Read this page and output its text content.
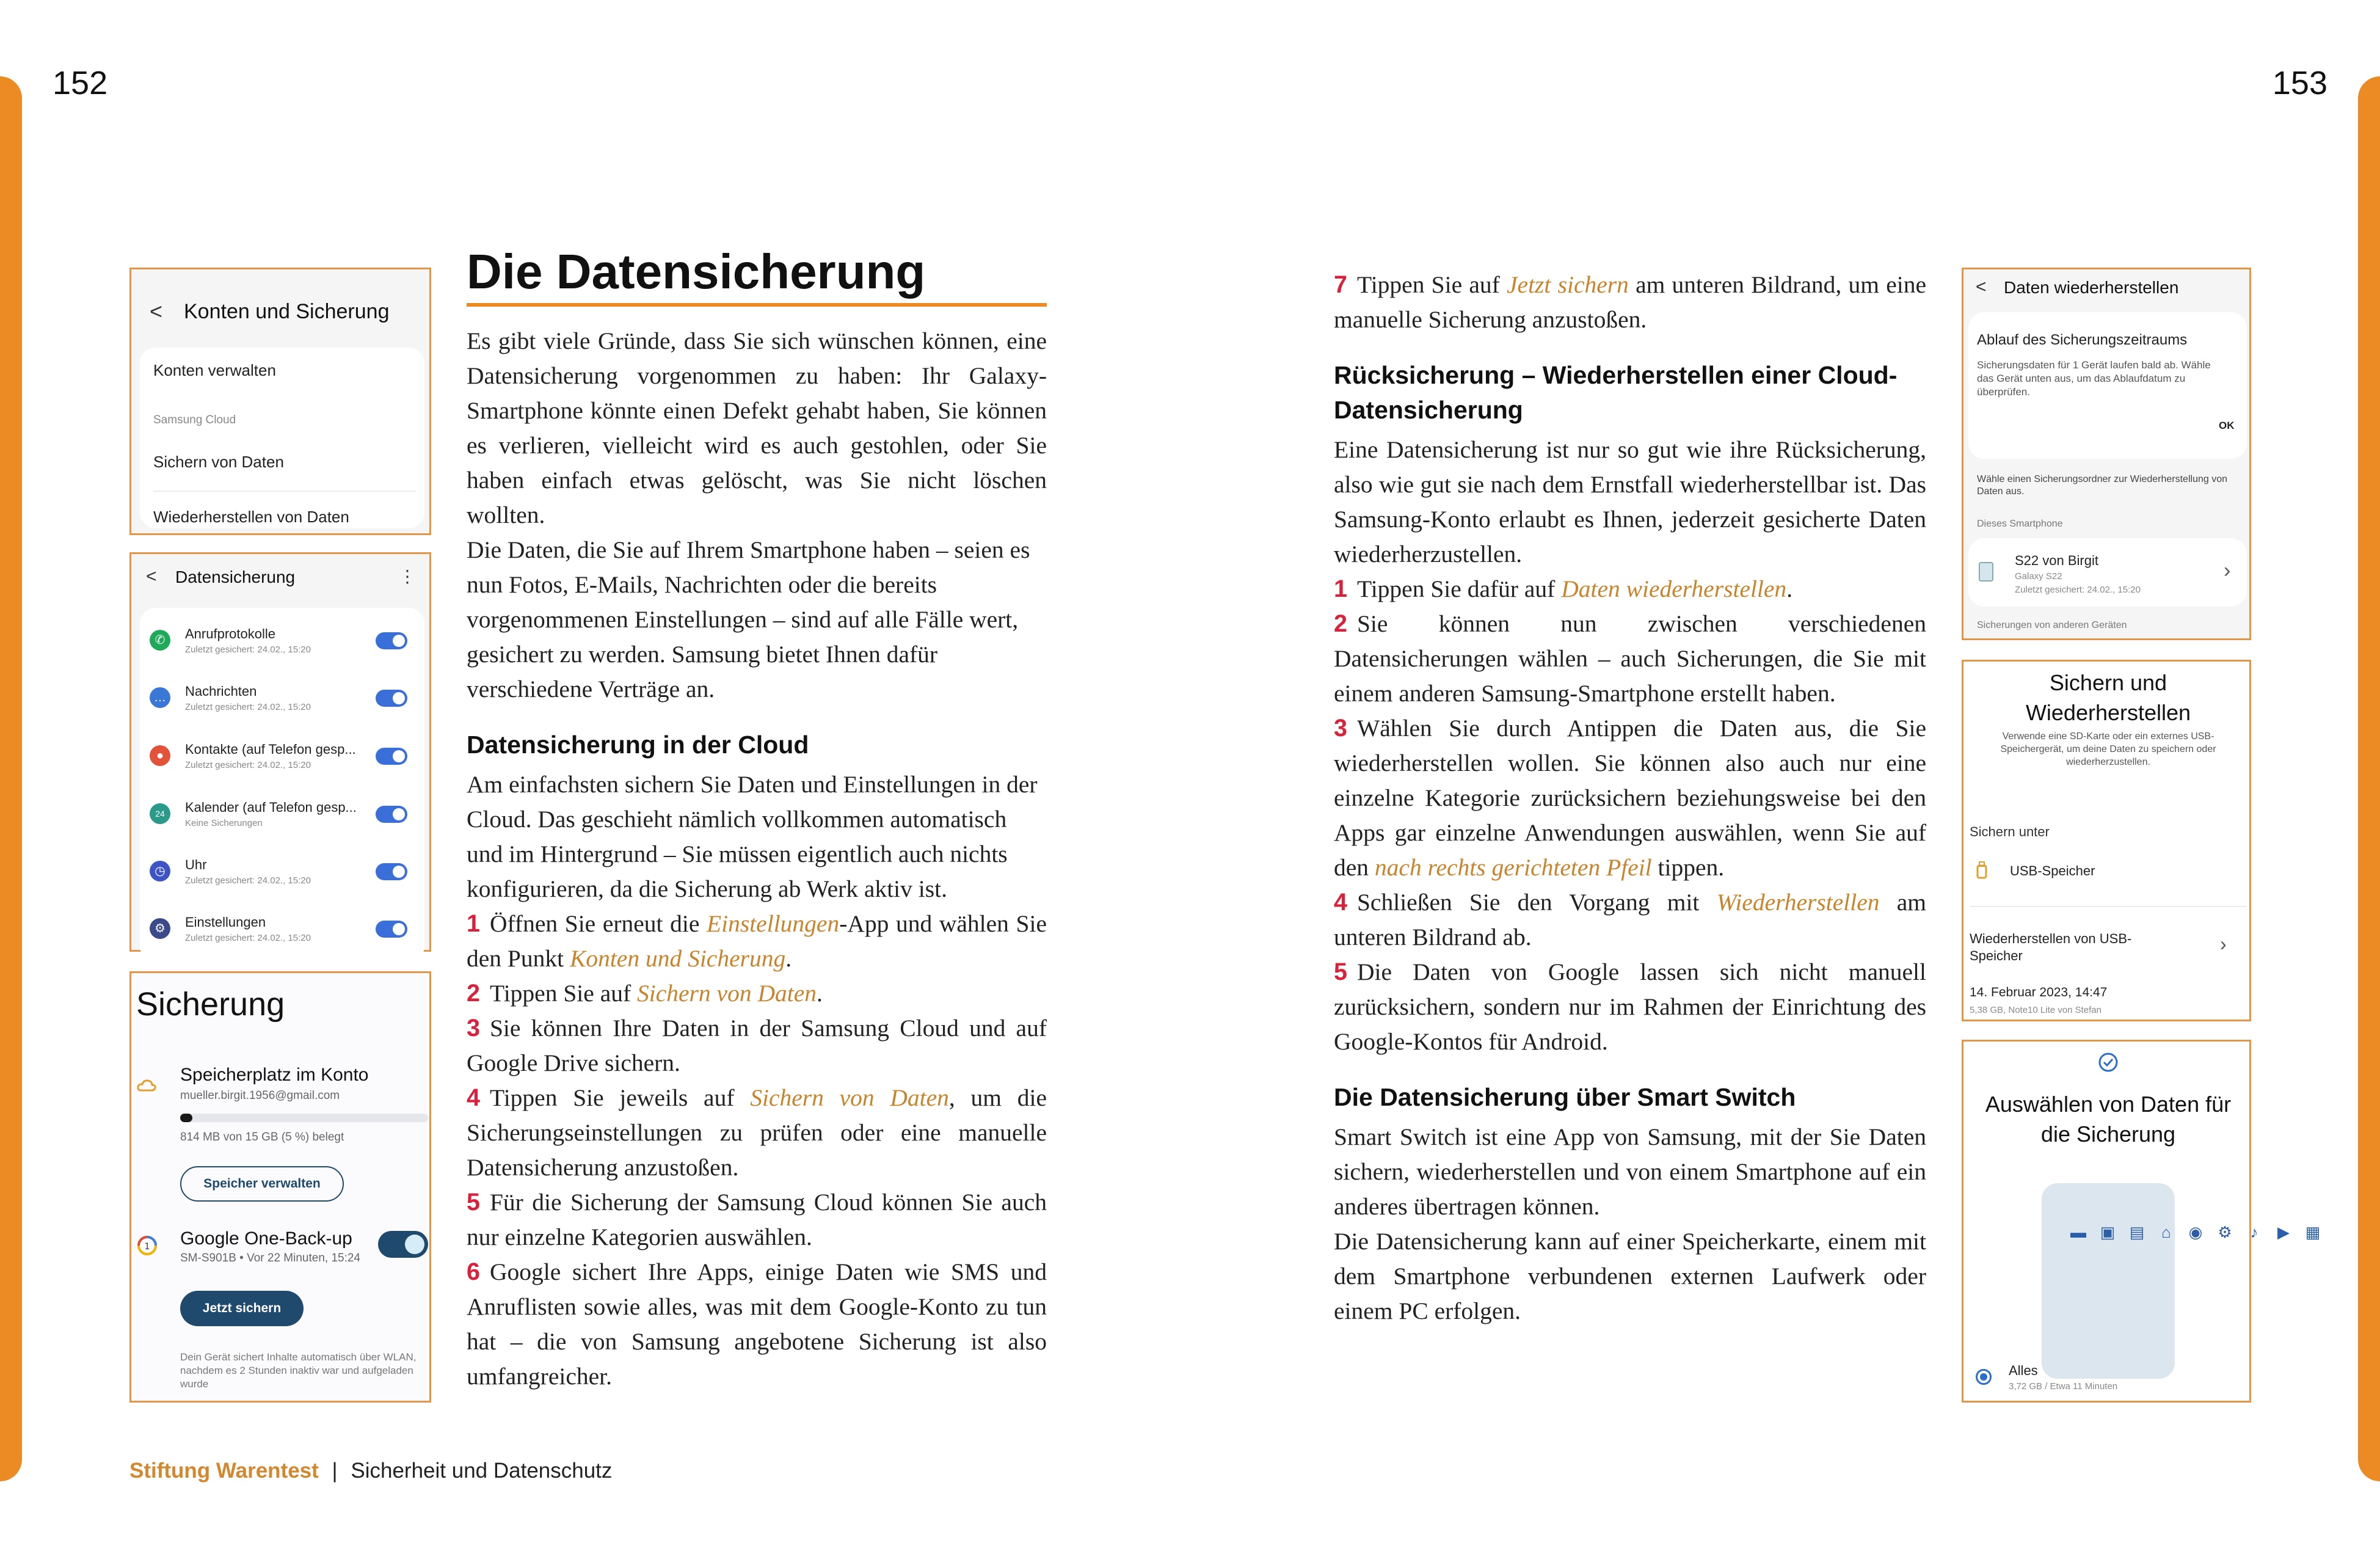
152	153
Die Datensicherung

Es gibt viele Gründe, dass Sie sich wünschen können, eine Datensicherung vorgenommen zu haben: Ihr Galaxy-Smartphone könnte einen Defekt gehabt haben, Sie können es verlieren, vielleicht wird es auch gestohlen, oder Sie haben einfach etwas gelöscht, was Sie nicht löschen wollten.

Die Daten, die Sie auf Ihrem Smartphone haben – seien es nun Fotos, E-Mails, Nachrichten oder die bereits vorgenommenen Einstellungen – sind auf alle Fälle wert, gesichert zu werden. Samsung bietet Ihnen dafür verschiedene Verträge an.

Datensicherung in der Cloud

Am einfachsten sichern Sie Daten und Einstellungen in der Cloud. Das geschieht nämlich vollkommen automatisch und im Hintergrund – Sie müssen eigentlich auch nichts konfigurieren, da die Sicherung ab Werk aktiv ist.

1 Öffnen Sie erneut die Einstellungen-App und wählen Sie den Punkt Konten und Sicherung.

2 Tippen Sie auf Sichern von Daten.

3 Sie können Ihre Daten in der Samsung Cloud und auf Google Drive sichern.

4 Tippen Sie jeweils auf Sichern von Daten, um die Sicherungseinstellungen zu prüfen oder eine manuelle Datensicherung anzustoßen.

5 Für die Sicherung der Samsung Cloud können Sie auch nur einzelne Kategorien auswählen.

6 Google sichert Ihre Apps, einige Daten wie SMS und Anruflisten sowie alles, was mit dem Google-Konto zu tun hat – die von Samsung angebotene Sicherung ist also umfangreicher.

7 Tippen Sie auf Jetzt sichern am unteren Bildrand, um eine manuelle Sicherung anzustoßen.

Rücksicherung – Wiederherstellen einer Cloud-Datensicherung

Eine Datensicherung ist nur so gut wie ihre Rücksicherung, also wie gut sie nach dem Ernstfall wiederherstellbar ist. Das Samsung-Konto erlaubt es Ihnen, jederzeit gesicherte Daten wiederherzustellen.

1 Tippen Sie dafür auf Daten wiederherstellen.

2 Sie können nun zwischen verschiedenen Datensicherungen wählen – auch Sicherungen, die Sie mit einem anderen Samsung-Smartphone erstellt haben.

3 Wählen Sie durch Antippen die Daten aus, die Sie wiederherstellen wollen. Sie können also auch nur eine einzelne Kategorie zurücksichern beziehungsweise bei den Apps gar einzelne Anwendungen auswählen, wenn Sie auf den nach rechts gerichteten Pfeil tippen.

4 Schließen Sie den Vorgang mit Wiederherstellen am unteren Bildrand ab.

5 Die Daten von Google lassen sich nicht manuell zurücksichern, sondern nur im Rahmen der Einrichtung des Google-Kontos für Android.

Die Datensicherung über Smart Switch

Smart Switch ist eine App von Samsung, mit der Sie Daten sichern, wiederherstellen und von einem Smartphone auf ein anderes übertragen können.

Die Datensicherung kann auf einer Speicherkarte, einem mit dem Smartphone verbundenen externen Laufwerk oder einem PC erfolgen.

Stiftung Warentest | Sicherheit und Datenschutz
< Konten und Sicherung
Konten verwalten
Samsung Cloud
Sichern von Daten
Wiederherstellen von Daten
< Datensicherung	⋮
✆	Anrufprotokolle
Zuletzt gesichert: 24.02., 15:20
…	Nachrichten
Zuletzt gesichert: 24.02., 15:20
●	Kontakte (auf Telefon gesp...
Zuletzt gesichert: 24.02., 15:20
24	Kalender (auf Telefon gesp...
Keine Sicherungen
◷	Uhr
Zuletzt gesichert: 24.02., 15:20
⚙	Einstellungen
Zuletzt gesichert: 24.02., 15:20
Sicherung
Speicherplatz im Konto
mueller.birgit.1956@gmail.com
814 MB von 15 GB (5 %) belegt
Speicher verwalten
1 Google One-Back-up
SM-S901B • Vor 22 Minuten, 15:24
Jetzt sichern
Dein Gerät sichert Inhalte automatisch über WLAN, nachdem es 2 Stunden inaktiv war und aufgeladen wurde
< Daten wiederherstellen
Ablauf des Sicherungszeitraums
Sicherungsdaten für 1 Gerät laufen bald ab. Wähle das Gerät unten aus, um das Ablaufdatum zu überprüfen.
OK
Wähle einen Sicherungsordner zur Wiederherstellung von Daten aus.
Dieses Smartphone
S22 von Birgit
Galaxy S22
Zuletzt gesichert: 24.02., 15:20
›
Sicherungen von anderen Geräten
Sichern und Wiederherstellen
Verwende eine SD-Karte oder ein externes USB-Speichergerät, um deine Daten zu speichern oder wiederherzustellen.
Sichern unter
USB-Speicher
Wiederherstellen von USB-Speicher
›
14. Februar 2023, 14:47
5,38 GB, Note10 Lite von Stefan
Auswählen von Daten für die Sicherung
▬ ▣ ▤ ⌂ ◉ ⚙ ♪ ▶ ▦
Alles
3,72 GB / Etwa 11 Minuten
